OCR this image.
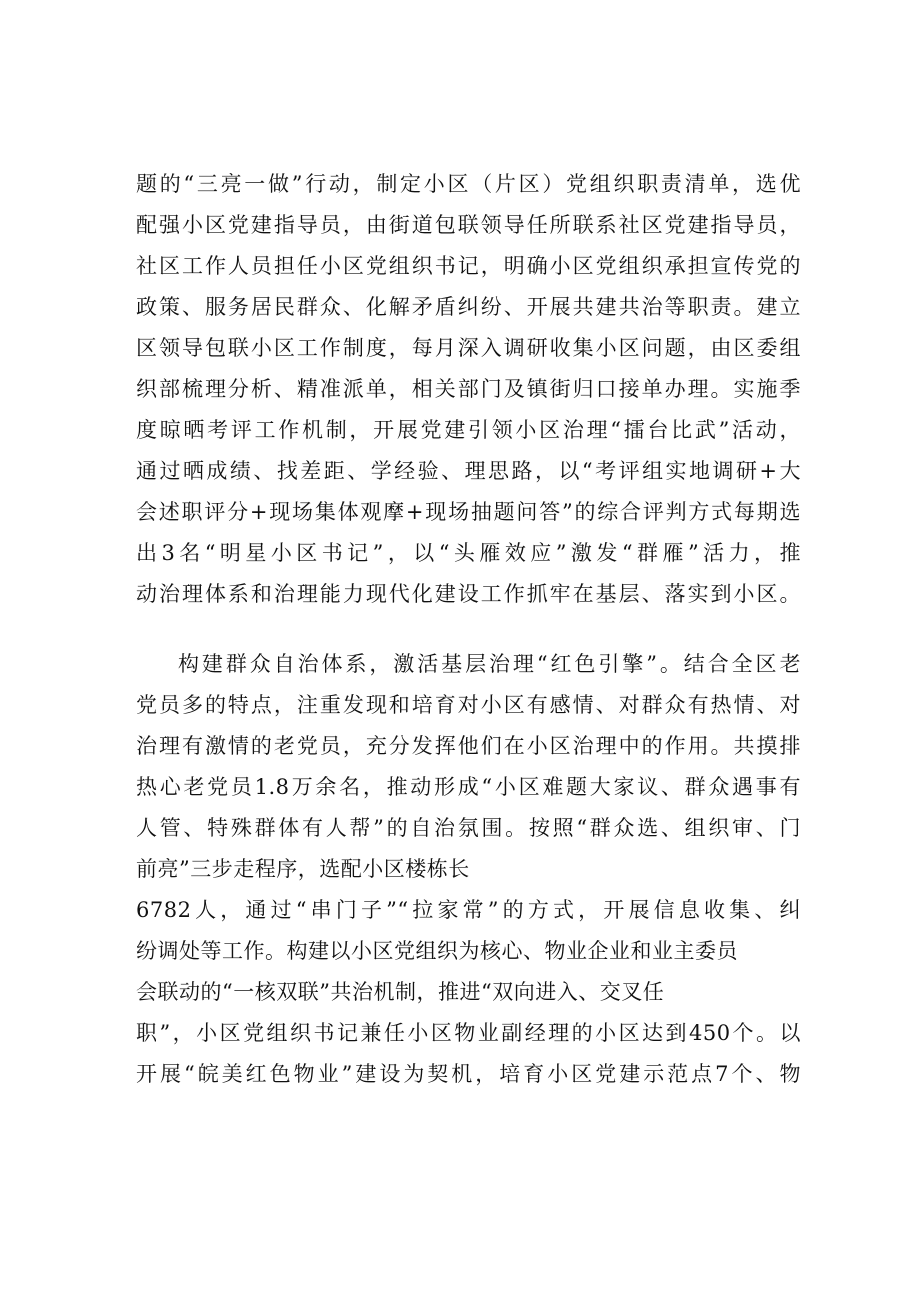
题的“三亮一做”行动，制定小区（片区）党组织职责清单，选优
配强小区党建指导员，由街道包联领导任所联系社区党建指导员，
社区工作人员担任小区党组织书记，明确小区党组织承担宣传党的
政策、服务居民群众、化解矛盾纠纷、开展共建共治等职责。建立
区领导包联小区工作制度，每月深入调研收集小区问题，由区委组
织部梳理分析、精准派单，相关部门及镇街归口接单办理。实施季
度晾晒考评工作机制，开展党建引领小区治理“擂台比武”活动，
通过晒成绩、找差距、学经验、理思路，以“考评组实地调研+大
会述职评分+现场集体观摩+现场抽题问答”的综合评判方式每期选
出3名“明星小区书记”，以“头雁效应”激发“群雁”活力，推
动治理体系和治理能力现代化建设工作抓牢在基层、落实到小区。
构建群众自治体系，激活基层治理“红色引擎”。结合全区老
党员多的特点，注重发现和培育对小区有感情、对群众有热情、对
治理有激情的老党员，充分发挥他们在小区治理中的作用。共摸排
热心老党员1.8万余名，推动形成“小区难题大家议、群众遇事有
人管、特殊群体有人帮”的自治氛围。按照“群众选、组织审、门
前亮”三步走程序，选配小区楼栋长
6782人，通过“串门子”“拉家常”的方式，开展信息收集、纠
纷调处等工作。构建以小区党组织为核心、物业企业和业主委员
会联动的“一核双联”共治机制，推进“双向进入、交叉任
职”，小区党组织书记兼任小区物业副经理的小区达到450个。以
开展“皖美红色物业”建设为契机，培育小区党建示范点7个、物
